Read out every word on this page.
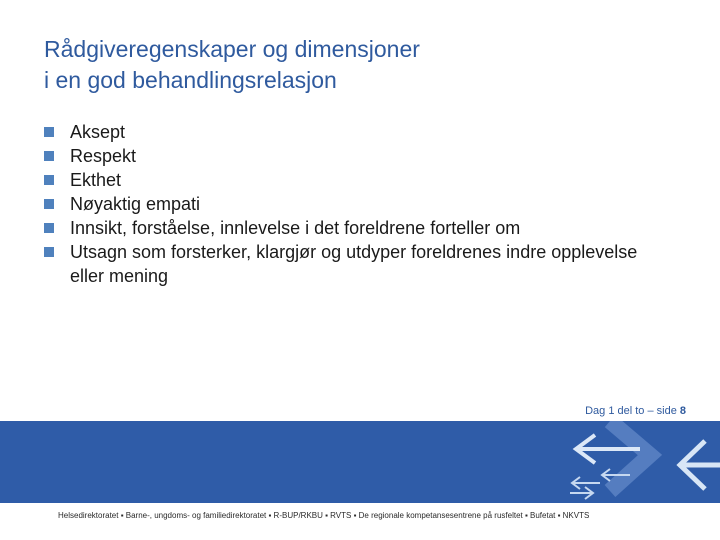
Rådgiveregenskaper og dimensjoner
i en god behandlingsrelasjon
Aksept
Respekt
Ekthet
Nøyaktig empati
Innsikt, forståelse, innlevelse i det foreldrene forteller om
Utsagn som forsterker, klargjør og utdyper foreldrenes indre opplevelse eller mening
Dag 1 del to – side 8
Helsedirektoratet ▪ Barne-, ungdoms- og familiedirektoratet ▪ R-BUP/RKBU ▪ RVTS ▪ De regionale kompetansesentrene på rusfeltet ▪ Bufetat ▪ NKVTS
